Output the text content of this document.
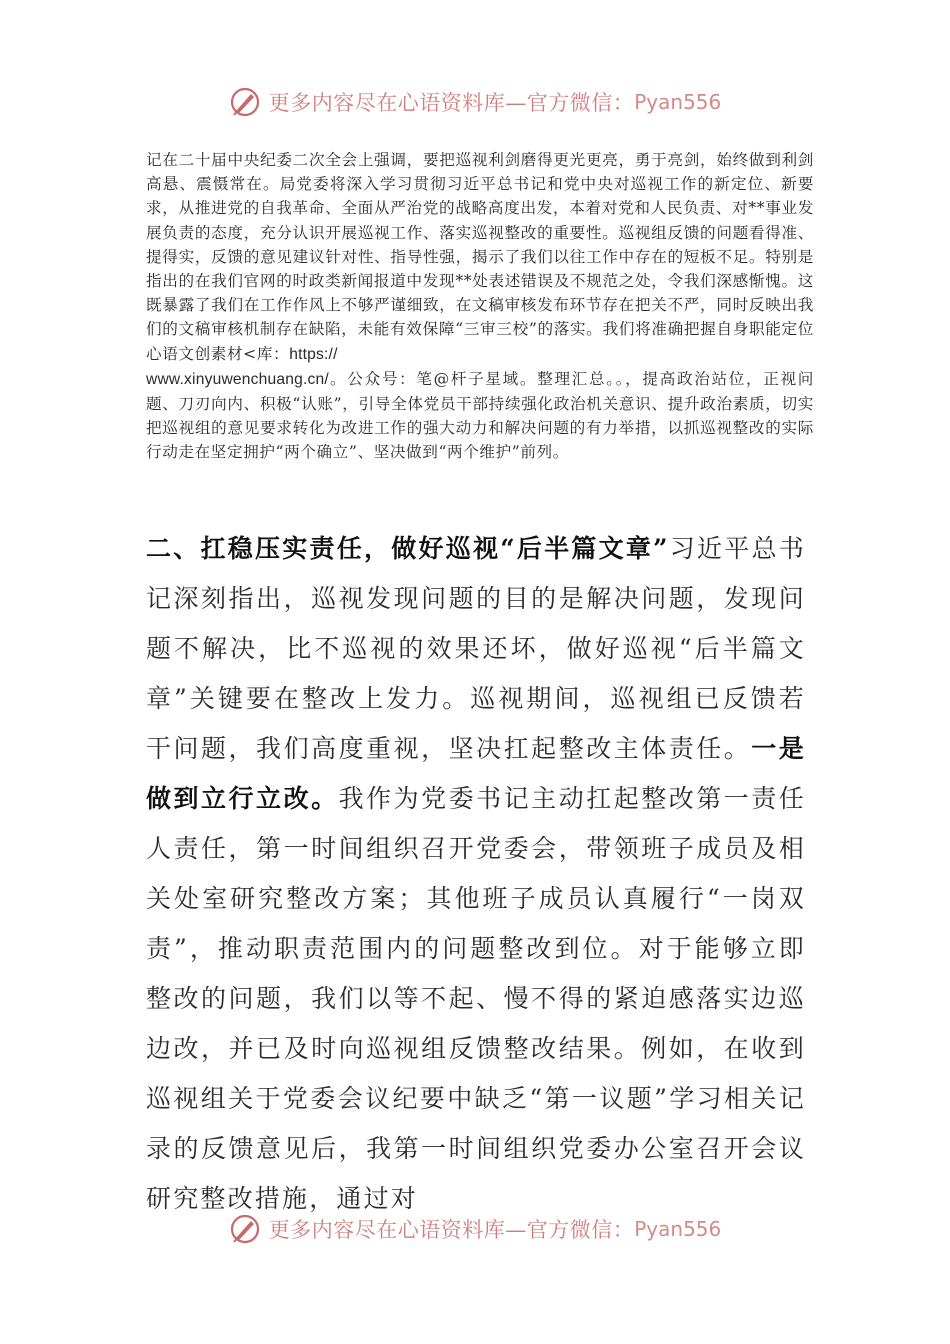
更多内容尽在心语资料库—官方微信： Pyan556
记在二十届中央纪委二次全会上强调，要把巡视利剑磨得更光更亮，勇于亮剑，始终做到利剑高悬、震慑常在。局党委将深入学习贯彻习近平总书记和党中央对巡视工作的新定位、新要求，从推进党的自我革命、全面从严治党的战略高度出发，本着对党和人民负责、对**事业发展负责的态度，充分认识开展巡视工作、落实巡视整改的重要性。巡视组反馈的问题看得准、提得实，反馈的意见建议针对性、指导性强，揭示了我们以往工作中存在的短板不足。特别是指出的在我们官网的时政类新闻报道中发现**处表述错误及不规范之处，令我们深感惭愧。这既暴露了我们在工作作风上不够严谨细致，在文稿审核发布环节存在把关不严，同时反映出我们的文稿审核机制存在缺陷，未能有效保障“三审三校”的落实。我们将准确把握自身职能定位心语文创素材<库：https://
www.xinyuwenchuang.cn/。公众号：笔@杆子星域。整理汇总。。，提高政治站位，正视问题、刀刃向内、积极“认账”，引导全体党员干部持续强化政治机关意识、提升政治素质，切实把巡视组的意见要求转化为改进工作的强大动力和解决问题的有力举措，以抓巡视整改的实际行动走在坚定拥护“两个确立”、坚决做到“两个维护”前列。
二、扛稳压实责任，做好巡视“后半篇文章”习近平总书记深刻指出，巡视发现问题的目的是解决问题，发现问题不解决，比不巡视的效果还坏，做好巡视“后半篇文章”关键要在整改上发力。巡视期间，巡视组已反馈若干问题，我们高度重视，坚决扛起整改主体责任。一是做到立行立改。我作为党委书记主动扛起整改第一责任人责任，第一时间组织召开党委会，带领班子成员及相关处室研究整改方案；其他班子成员认真履行“一岗双责”，推动职责范围内的问题整改到位。对于能够立即整改的问题，我们以等不起、慢不得的紧迫感落实边巡边改，并已及时向巡视组反馈整改结果。例如，在收到巡视组关于党委会议纪要中缺乏“第一议题”学习相关记录的反馈意见后，我第一时间组织党委办公室召开会议研究整改措施，通过对
更多内容尽在心语资料库—官方微信： Pyan556
